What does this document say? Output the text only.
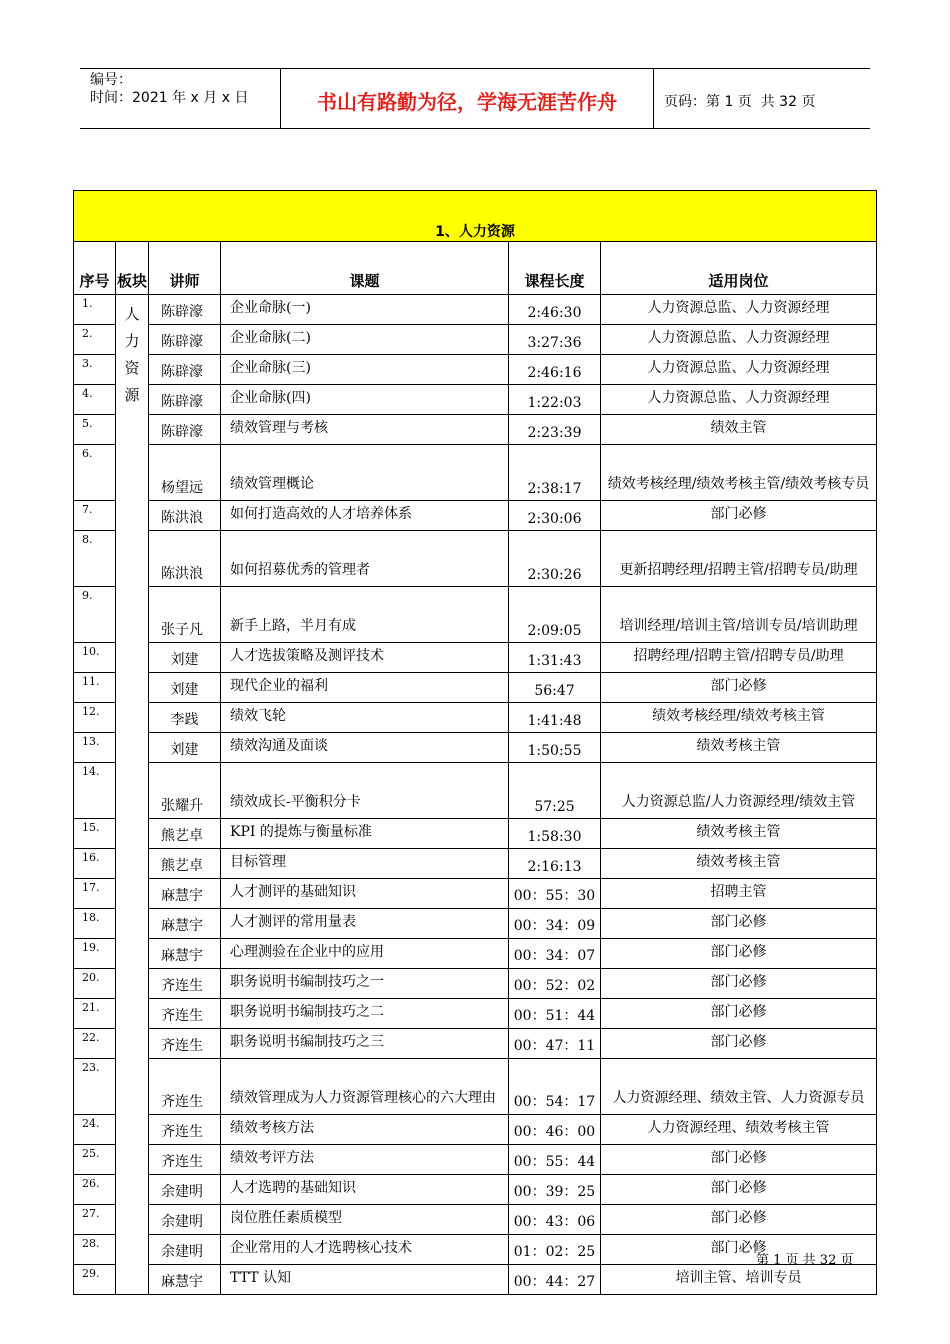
编号：
时间：2021 年 x 月 x 日	书山有路勤为径，学海无涯苦作舟	页码：第 1 页  共 32 页
1、人力资源					
序号	板块	讲师	课题	课程长度	适用岗位
1.	人力资源	陈辟濠	企业命脉(一)	2:46:30	人力资源总监、人力资源经理
2.		陈辟濠	企业命脉(二)	3:27:36	人力资源总监、人力资源经理
3.		陈辟濠	企业命脉(三)	2:46:16	人力资源总监、人力资源经理
4.		陈辟濠	企业命脉(四)	1:22:03	人力资源总监、人力资源经理
5.		陈辟濠	绩效管理与考核	2:23:39	绩效主管
6.		杨望远	绩效管理概论	2:38:17	绩效考核经理/绩效考核主管/绩效考核专员
7.		陈洪浪	如何打造高效的人才培养体系	2:30:06	部门必修
8.		陈洪浪	如何招募优秀的管理者	2:30:26	更新招聘经理/招聘主管/招聘专员/助理
9.		张子凡	新手上路，半月有成	2:09:05	培训经理/培训主管/培训专员/培训助理
10.		刘建	人才选拔策略及测评技术	1:31:43	招聘经理/招聘主管/招聘专员/助理
11.		刘建	现代企业的福利	56:47	部门必修
12.		李践	绩效飞轮	1:41:48	绩效考核经理/绩效考核主管
13.		刘建	绩效沟通及面谈	1:50:55	绩效考核主管
14.		张耀升	绩效成长-平衡积分卡	57:25	人力资源总监/人力资源经理/绩效主管
15.		熊艺卓	KPI 的提炼与衡量标准	1:58:30	绩效考核主管
16.		熊艺卓	目标管理	2:16:13	绩效考核主管
17.		麻慧宇	人才测评的基础知识	00：55：30	招聘主管
18.		麻慧宇	人才测评的常用量表	00：34：09	部门必修
19.		麻慧宇	心理测验在企业中的应用	00：34：07	部门必修
20.		齐连生	职务说明书编制技巧之一	00：52：02	部门必修
21.		齐连生	职务说明书编制技巧之二	00：51：44	部门必修
22.		齐连生	职务说明书编制技巧之三	00：47：11	部门必修
23.		齐连生	绩效管理成为人力资源管理核心的六大理由	00：54：17	人力资源经理、绩效主管、人力资源专员
24.		齐连生	绩效考核方法	00：46：00	人力资源经理、绩效考核主管
25.		齐连生	绩效考评方法	00：55：44	部门必修
26.		余建明	人才选聘的基础知识	00：39：25	部门必修
27.		余建明	岗位胜任素质模型	00：43：06	部门必修
28.		余建明	企业常用的人才选聘核心技术	01：02：25	部门必修
29.		麻慧宇	TTT 认知	00：44：27	培训主管、培训专员
第 1 页 共 32 页
